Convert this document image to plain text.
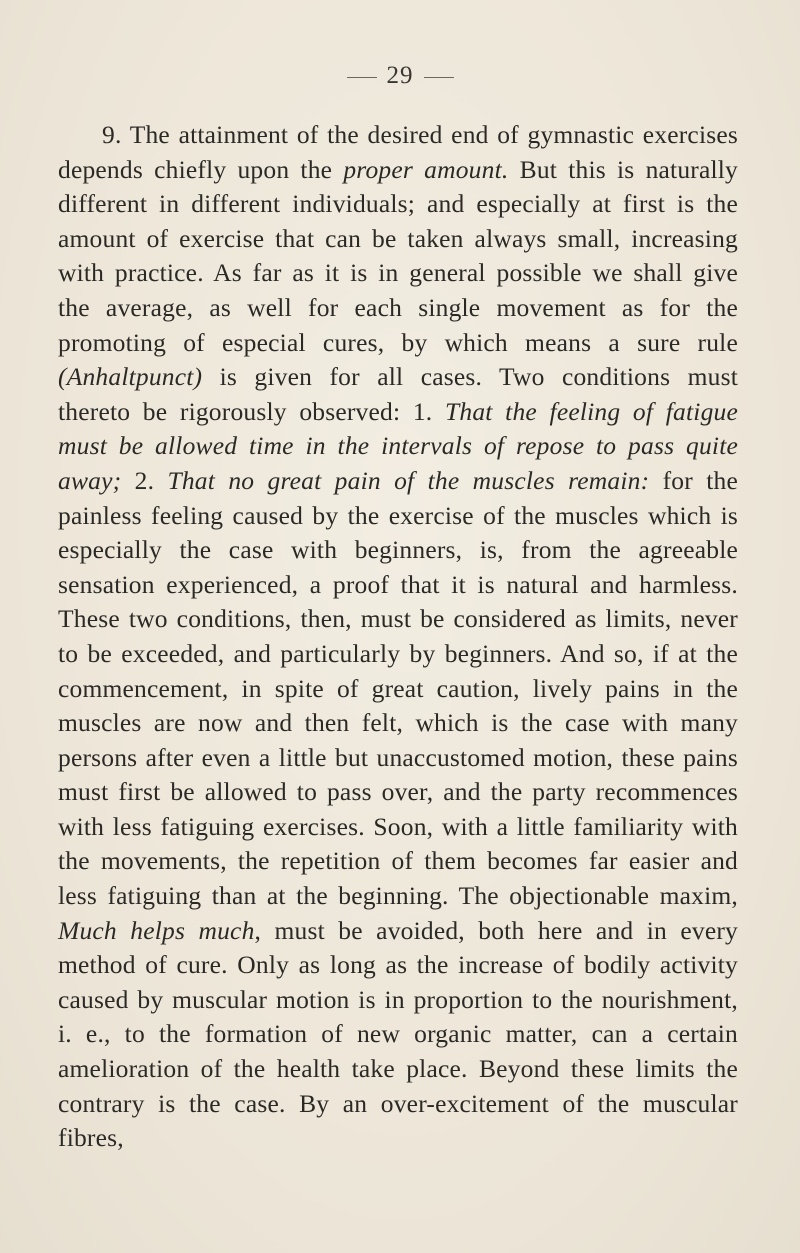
29

9. The attainment of the desired end of gymnastic exercises depends chiefly upon the proper amount. But this is naturally different in different individuals; and especially at first is the amount of exercise that can be taken always small, increasing with practice. As far as it is in general possible we shall give the average, as well for each single movement as for the promoting of especial cures, by which means a sure rule (Anhaltpunct) is given for all cases. Two conditions must thereto be rigorously observed: 1. That the feeling of fatigue must be allowed time in the intervals of repose to pass quite away; 2. That no great pain of the muscles remain: for the painless feeling caused by the exercise of the muscles which is especially the case with beginners, is, from the agreeable sensation experienced, a proof that it is natural and harmless. These two conditions, then, must be considered as limits, never to be exceeded, and particularly by beginners. And so, if at the commencement, in spite of great caution, lively pains in the muscles are now and then felt, which is the case with many persons after even a little but unaccustomed motion, these pains must first be allowed to pass over, and the party recommences with less fatiguing exercises. Soon, with a little familiarity with the movements, the repetition of them becomes far easier and less fatiguing than at the beginning. The objectionable maxim, Much helps much, must be avoided, both here and in every method of cure. Only as long as the increase of bodily activity caused by muscular motion is in proportion to the nourishment, i. e., to the formation of new organic matter, can a certain amelioration of the health take place. Beyond these limits the contrary is the case. By an over-excitement of the muscular fibres,
